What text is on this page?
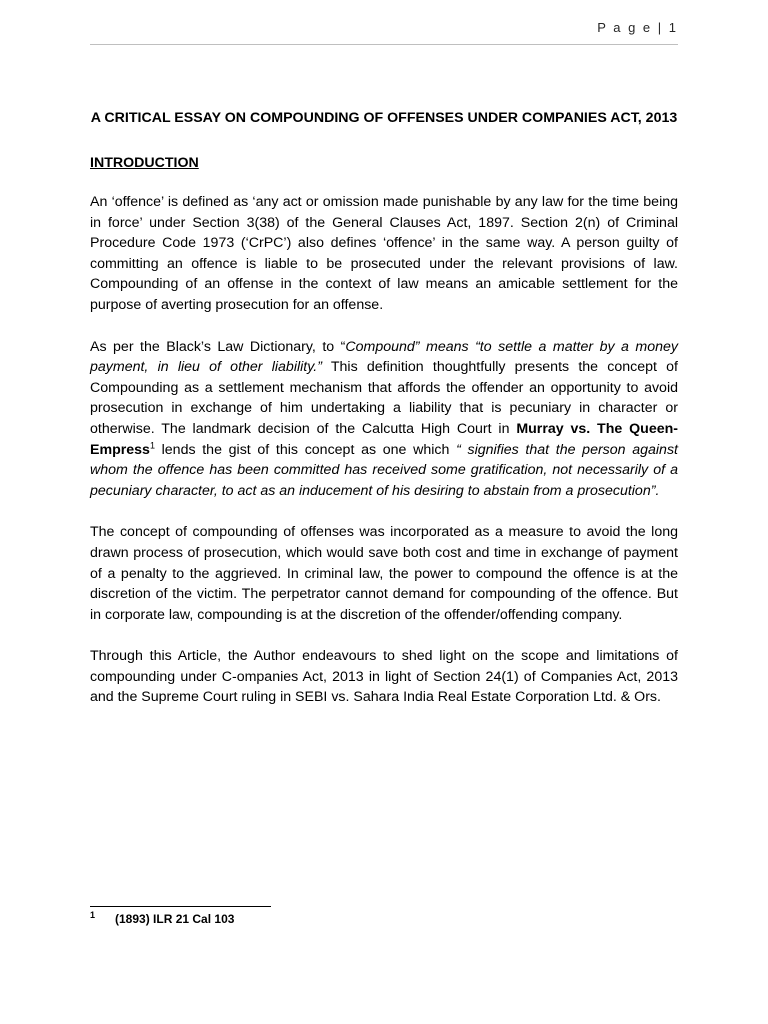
P a g e | 1
A CRITICAL ESSAY ON COMPOUNDING OF OFFENSES UNDER COMPANIES ACT, 2013
INTRODUCTION

An ‘offence’ is defined as ‘any act or omission made punishable by any law for the time being in force’ under Section 3(38) of the General Clauses Act, 1897. Section 2(n) of Criminal Procedure Code 1973 (‘CrPC’) also defines ‘offence’ in the same way. A person guilty of committing an offence is liable to be prosecuted under the relevant provisions of law. Compounding of an offense in the context of law means an amicable settlement for the purpose of averting prosecution for an offense.

As per the Black’s Law Dictionary, to “Compound” means “to settle a matter by a money payment, in lieu of other liability.” This definition thoughtfully presents the concept of Compounding as a settlement mechanism that affords the offender an opportunity to avoid prosecution in exchange of him undertaking a liability that is pecuniary in character or otherwise. The landmark decision of the Calcutta High Court in Murray vs. The Queen-Empress$^1$ lends the gist of this concept as one which “ signifies that the person against whom the offence has been committed has received some gratification, not necessarily of a pecuniary character, to act as an inducement of his desiring to abstain from a prosecution”.

The concept of compounding of offenses was incorporated as a measure to avoid the long drawn process of prosecution, which would save both cost and time in exchange of payment of a penalty to the aggrieved. In criminal law, the power to compound the offence is at the discretion of the victim. The perpetrator cannot demand for compounding of the offence. But in corporate law, compounding is at the discretion of the offender/offending company.

Through this Article, the Author endeavours to shed light on the scope and limitations of compounding under C-ompanies Act, 2013 in light of Section 24(1) of Companies Act, 2013 and the Supreme Court ruling in SEBI vs. Sahara India Real Estate Corporation Ltd. & Ors.

$^1$ (1893) ILR 21 Cal 103
